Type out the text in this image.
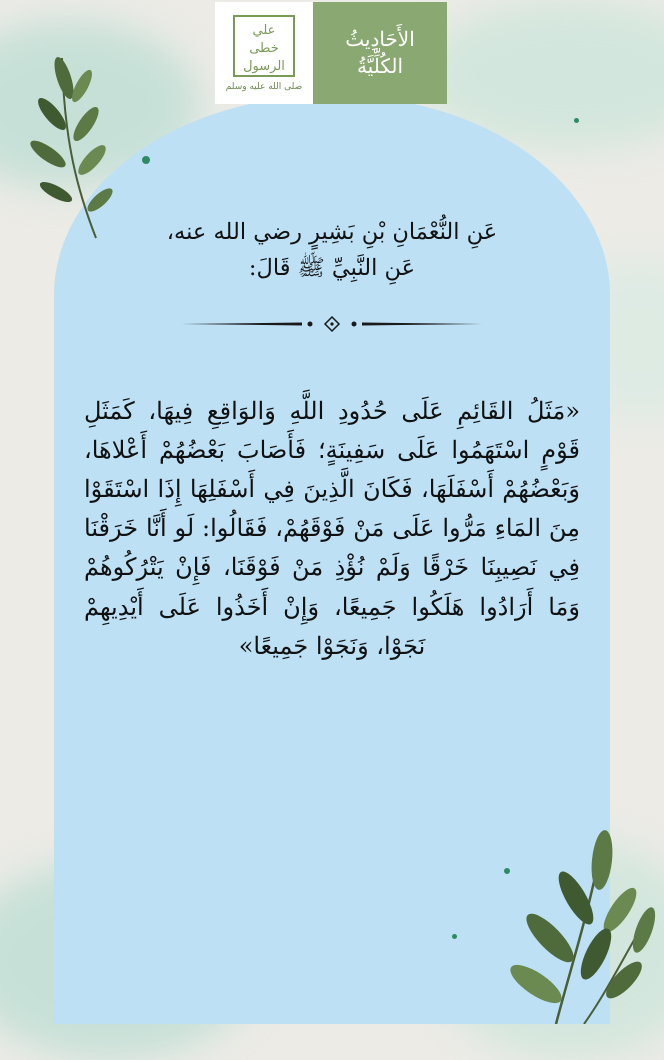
علي
خطى
الرسول
صلى الله عليه وسلم
الأَحَادِيثُ
الكُلِّيَّةُ
عَنِ النُّعْمَانِ بْنِ بَشِيرٍ رضي الله عنه،
عَنِ النَّبِيِّ ﷺ قَالَ:
«مَثَلُ القَائِمِ عَلَى حُدُودِ اللَّهِ وَالوَاقِعِ فِيهَا، كَمَثَلِ قَوْمٍ اسْتَهَمُوا عَلَى سَفِينَةٍ؛ فَأَصَابَ بَعْضُهُمْ أَعْلاهَا، وَبَعْضُهُمْ أَسْفَلَهَا، فَكَانَ الَّذِينَ فِي أَسْفَلِهَا إِذَا اسْتَقَوْا مِنَ المَاءِ مَرُّوا عَلَى مَنْ فَوْقَهُمْ، فَقَالُوا: لَو أَنَّا خَرَقْنَا فِي نَصِيبِنَا خَرْقًا وَلَمْ نُؤْذِ مَنْ فَوْقَنَا، فَإِنْ يَتْرُكُوهُمْ وَمَا أَرَادُوا هَلَكُوا جَمِيعًا، وَإِنْ أَخَذُوا عَلَى أَيْدِيهِمْ نَجَوْا، وَنَجَوْا جَمِيعًا»
